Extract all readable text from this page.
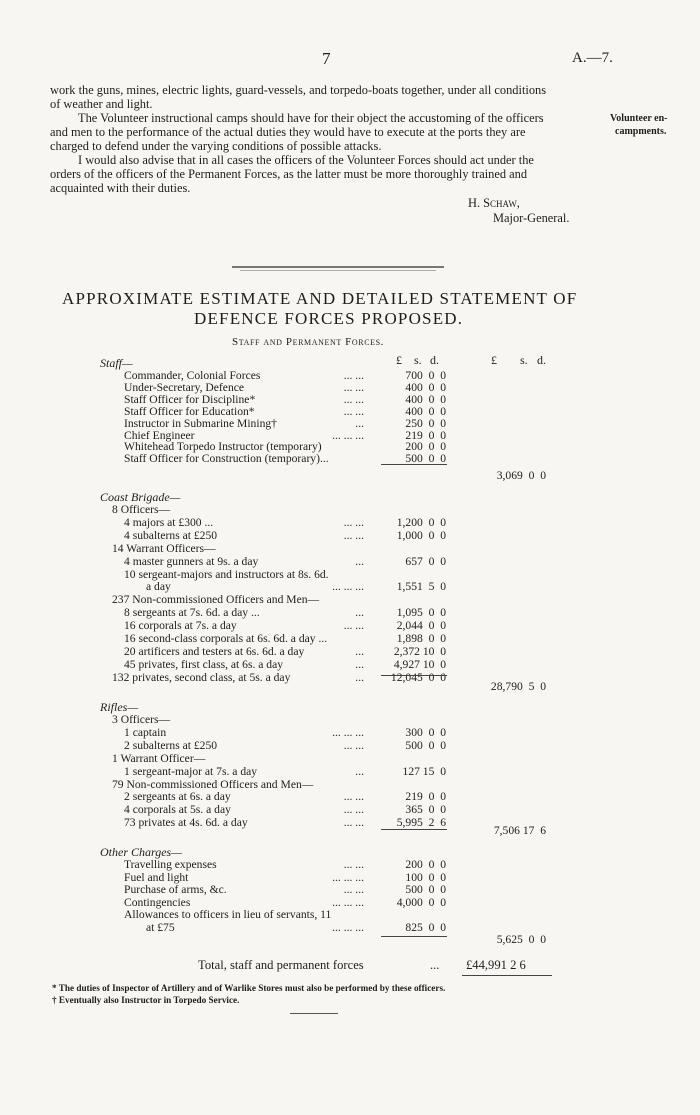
7	A.—7.
work the guns, mines, electric lights, guard-vessels, and torpedo-boats together, under all conditions
of weather and light.
The Volunteer instructional camps should have for their object the accustoming of the officers
and men to the performance of the actual duties they would have to execute at the ports they are
charged to defend under the varying conditions of possible attacks.
I would also advise that in all cases the officers of the Volunteer Forces should act under the
orders of the officers of the Permanent Forces, as the latter must be more thoroughly trained and
acquainted with their duties.
Volunteer en-
campments.
H. Schaw,
Major-General.
APPROXIMATE ESTIMATE AND DETAILED STATEMENT OF
DEFENCE FORCES PROPOSED.
Staff and Permanent Forces.
£ s. d.	£ s. d.
Staff—
Commander, Colonial Forces	... ...	700  0  0
Under-Secretary, Defence	... ...	400  0  0
Staff Officer for Discipline*	... ...	400  0  0
Staff Officer for Education*	... ...	400  0  0
Instructor in Submarine Mining†	...	250  0  0
Chief Engineer	... ... ...	219  0  0
Whitehead Torpedo Instructor (temporary)	200  0  0
Staff Officer for Construction (temporary)...	500  0  0
3,069  0  0
Coast Brigade—
8 Officers—
4 majors at £300 ...	... ...	1,200  0  0
4 subalterns at £250	... ...	1,000  0  0
14 Warrant Officers—
4 master gunners at 9s. a day	...	657  0  0
10 sergeant-majors and instructors at 8s. 6d.
a day	... ... ...	1,551  5  0
237 Non-commissioned Officers and Men—
8 sergeants at 7s. 6d. a day ...	...	1,095  0  0
16 corporals at 7s. a day	... ...	2,044  0  0
16 second-class corporals at 6s. 6d. a day ...	1,898  0  0
20 artificers and testers at 6s. 6d. a day	...	2,372 10  0
45 privates, first class, at 6s. a day	...	4,927 10  0
132 privates, second class, at 5s. a day	...	12,045  0  0
28,790  5  0
Rifles—
3 Officers—
1 captain	... ... ...	300  0  0
2 subalterns at £250	... ...	500  0  0
1 Warrant Officer—
1 sergeant-major at 7s. a day	...	127 15  0
79 Non-commissioned Officers and Men—
2 sergeants at 6s. a day	... ...	219  0  0
4 corporals at 5s. a day	... ...	365  0  0
73 privates at 4s. 6d. a day	... ...	5,995  2  6
7,506 17  6
Other Charges—
Travelling expenses	... ...	200  0  0
Fuel and light	... ... ...	100  0  0
Purchase of arms, &c.	... ...	500  0  0
Contingencies	... ... ...	4,000  0  0
Allowances to officers in lieu of servants, 11
at £75	... ... ...	825  0  0
5,625  0  0
Total, staff and permanent forces	... £44,991 2 6
* The duties of Inspector of Artillery and of Warlike Stores must also be performed by these officers.
† Eventually also Instructor in Torpedo Service.
